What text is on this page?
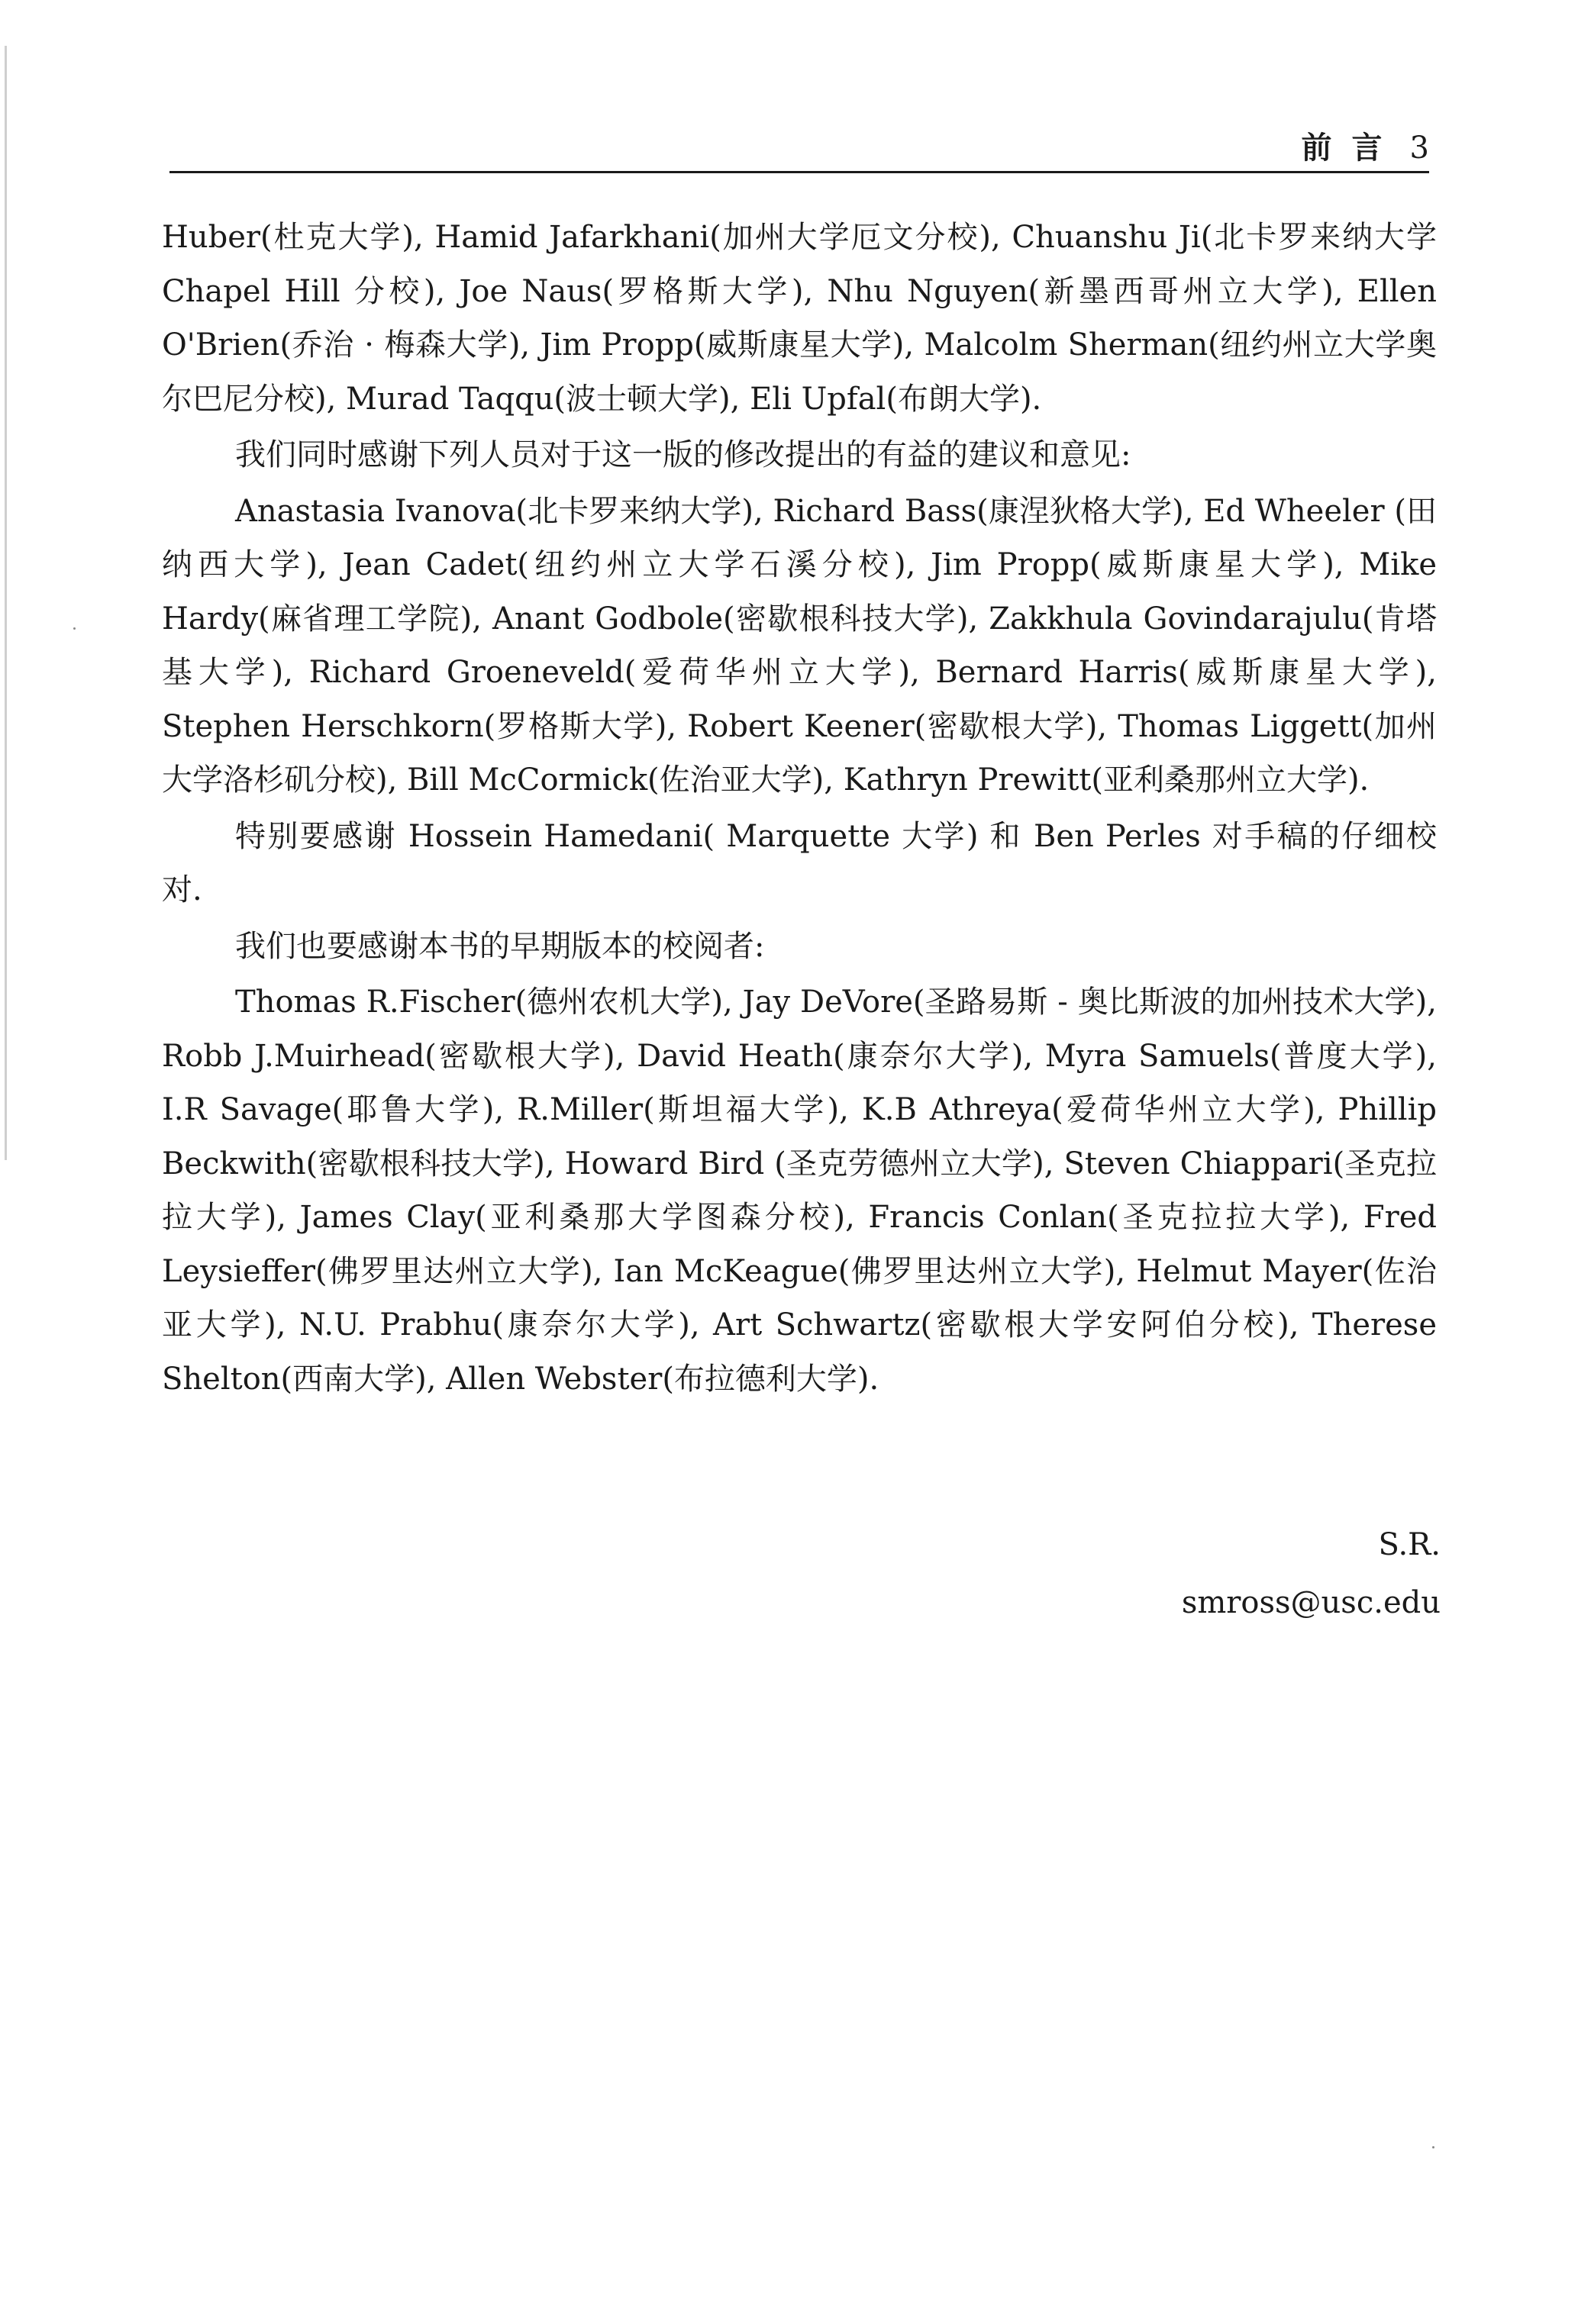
前言 3

Huber(杜克大学), Hamid Jafarkhani(加州大学厄文分校), Chuanshu Ji(北卡罗来纳大学 Chapel Hill 分校), Joe Naus(罗格斯大学), Nhu Nguyen(新墨西哥州立大学), Ellen O'Brien(乔治 · 梅森大学), Jim Propp(威斯康星大学), Malcolm Sherman(纽约州立大学奥尔巴尼分校), Murad Taqqu(波士顿大学), Eli Upfal(布朗大学).

我们同时感谢下列人员对于这一版的修改提出的有益的建议和意见:

Anastasia Ivanova(北卡罗来纳大学), Richard Bass(康涅狄格大学), Ed Wheeler (田纳西大学), Jean Cadet(纽约州立大学石溪分校), Jim Propp(威斯康星大学), Mike Hardy(麻省理工学院), Anant Godbole(密歇根科技大学), Zakkhula Govindarajulu(肯塔基大学), Richard Groeneveld(爱荷华州立大学), Bernard Harris(威斯康星大学), Stephen Herschkorn(罗格斯大学), Robert Keener(密歇根大学), Thomas Liggett(加州大学洛杉矶分校), Bill McCormick(佐治亚大学), Kathryn Prewitt(亚利桑那州立大学).

特别要感谢 Hossein Hamedani( Marquette 大学) 和 Ben Perles 对手稿的仔细校对.

我们也要感谢本书的早期版本的校阅者:

Thomas R.Fischer(德州农机大学), Jay DeVore(圣路易斯 - 奥比斯波的加州技术大学), Robb J.Muirhead(密歇根大学), David Heath(康奈尔大学), Myra Samuels(普度大学), I.R Savage(耶鲁大学), R.Miller(斯坦福大学), K.B Athreya(爱荷华州立大学), Phillip Beckwith(密歇根科技大学), Howard Bird (圣克劳德州立大学), Steven Chiappari(圣克拉拉大学), James Clay(亚利桑那大学图森分校), Francis Conlan(圣克拉拉大学), Fred Leysieffer(佛罗里达州立大学), Ian McKeague(佛罗里达州立大学), Helmut Mayer(佐治亚大学), N.U. Prabhu(康奈尔大学), Art Schwartz(密歇根大学安阿伯分校), Therese Shelton(西南大学), Allen Webster(布拉德利大学).

S.R.
smross@usc.edu
